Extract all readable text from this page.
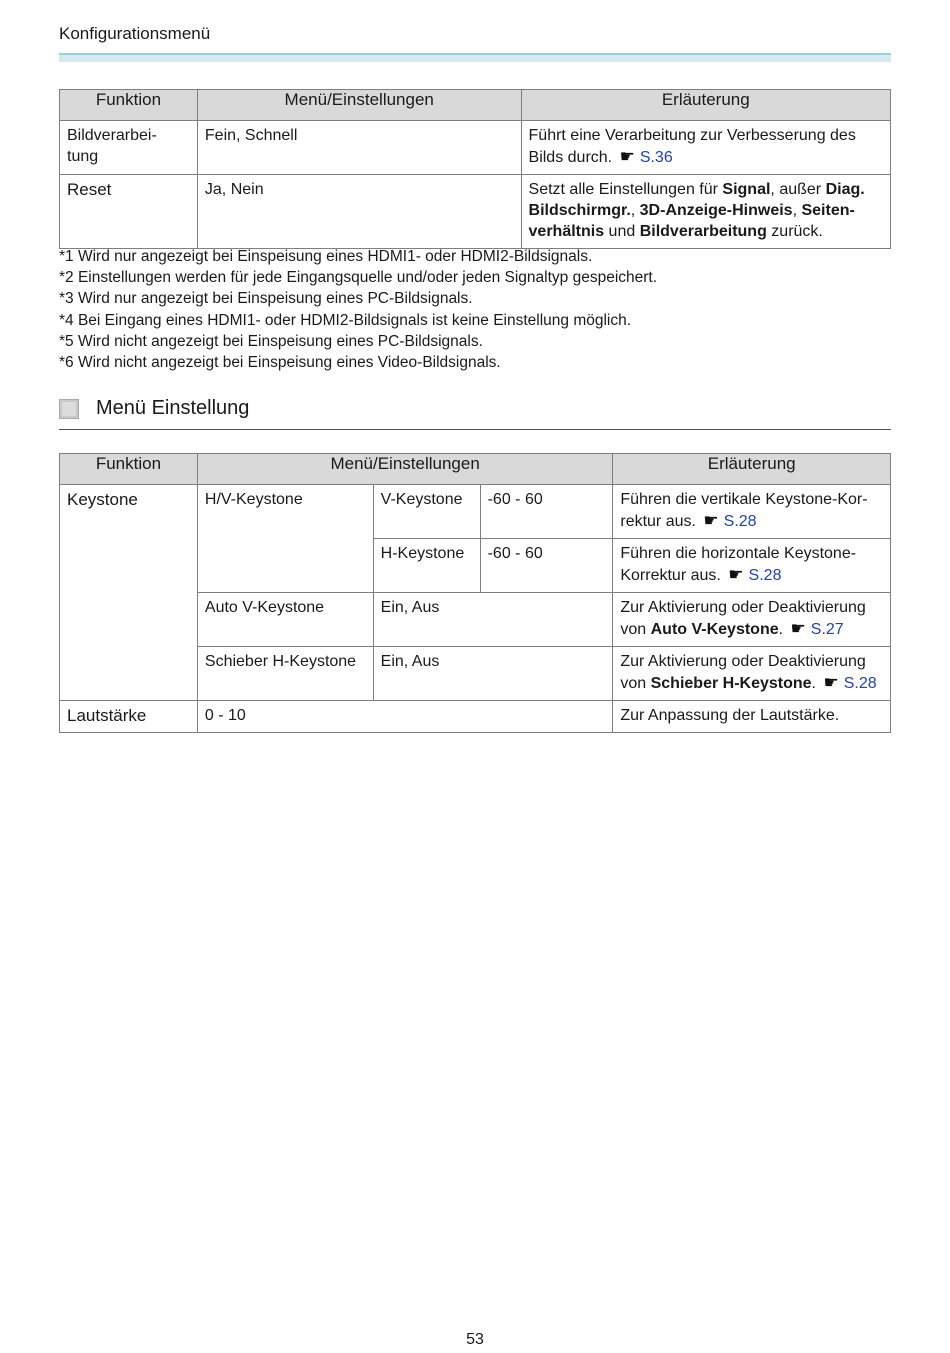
Konfigurationsmenü
Funktion	Menü/Einstellungen	Erläuterung
Bildverarbei-
tung	Fein, Schnell	Führt eine Verarbeitung zur Verbesserung des Bilds durch. ☛ S.36
Reset	Ja, Nein	Setzt alle Einstellungen für Signal, außer Diag. Bildschirmgr., 3D-Anzeige-Hinweis, Seiten-verhältnis und Bildverarbeitung zurück.
*1 Wird nur angezeigt bei Einspeisung eines HDMI1- oder HDMI2-Bildsignals.
*2 Einstellungen werden für jede Eingangsquelle und/oder jeden Signaltyp gespeichert.
*3 Wird nur angezeigt bei Einspeisung eines PC-Bildsignals.
*4 Bei Eingang eines HDMI1- oder HDMI2-Bildsignals ist keine Einstellung möglich.
*5 Wird nicht angezeigt bei Einspeisung eines PC-Bildsignals.
*6 Wird nicht angezeigt bei Einspeisung eines Video-Bildsignals.
Menü Einstellung
Funktion	Menü/Einstellungen			Erläuterung
Keystone	H/V-Keystone	V-Keystone	-60 - 60	Führen die vertikale Keystone-Kor-rektur aus. ☛ S.28
		H-Keystone	-60 - 60	Führen die horizontale Keystone-Korrektur aus. ☛ S.28
	Auto V-Keystone	Ein, Aus		Zur Aktivierung oder Deaktivierung von Auto V-Keystone. ☛ S.27
	Schieber H-Keystone	Ein, Aus		Zur Aktivierung oder Deaktivierung von Schieber H-Keystone. ☛ S.28
Lautstärke	0 - 10			Zur Anpassung der Lautstärke.
53
